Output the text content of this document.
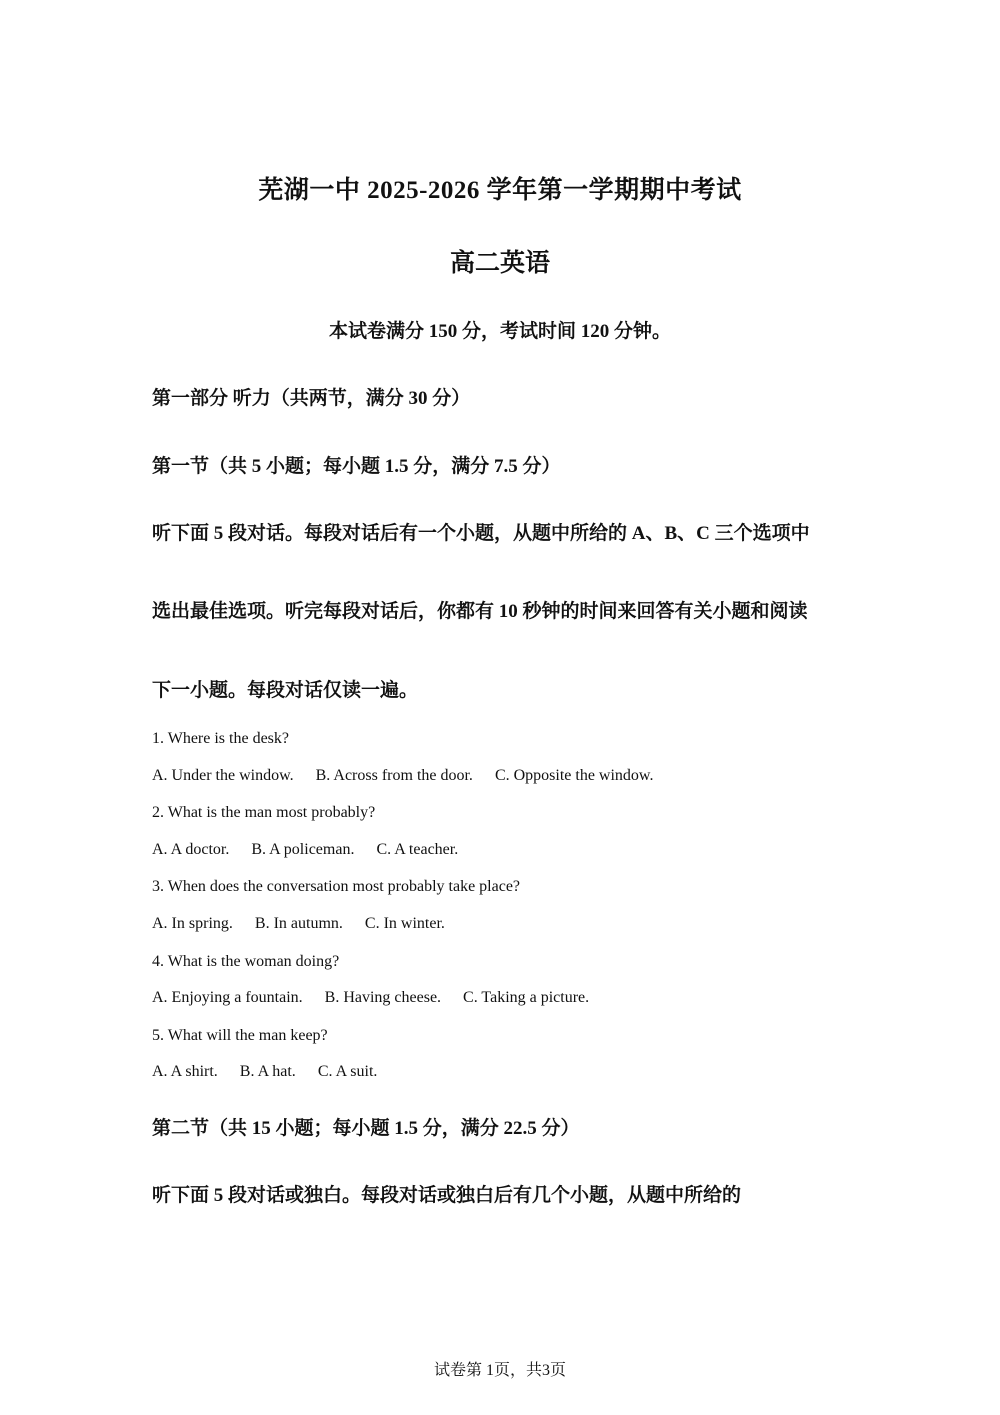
芜湖一中 2025-2026 学年第一学期期中考试
高二英语
本试卷满分 150 分，考试时间 120 分钟。
第一部分 听力（共两节，满分 30 分）
第一节（共 5 小题；每小题 1.5 分，满分 7.5 分）
听下面 5 段对话。每段对话后有一个小题，从题中所给的 A、B、C 三个选项中
选出最佳选项。听完每段对话后，你都有 10 秒钟的时间来回答有关小题和阅读
下一小题。每段对话仅读一遍。
1. Where is the desk?
A. Under the window. B. Across from the door. C. Opposite the window.
2. What is the man most probably?
A. A doctor. B. A policeman. C. A teacher.
3. When does the conversation most probably take place?
A. In spring. B. In autumn. C. In winter.
4. What is the woman doing?
A. Enjoying a fountain. B. Having cheese. C. Taking a picture.
5. What will the man keep?
A. A shirt. B. A hat. C. A suit.
第二节（共 15 小题；每小题 1.5 分，满分 22.5 分）
听下面 5 段对话或独白。每段对话或独白后有几个小题，从题中所给的
试卷第 1页，共3页
